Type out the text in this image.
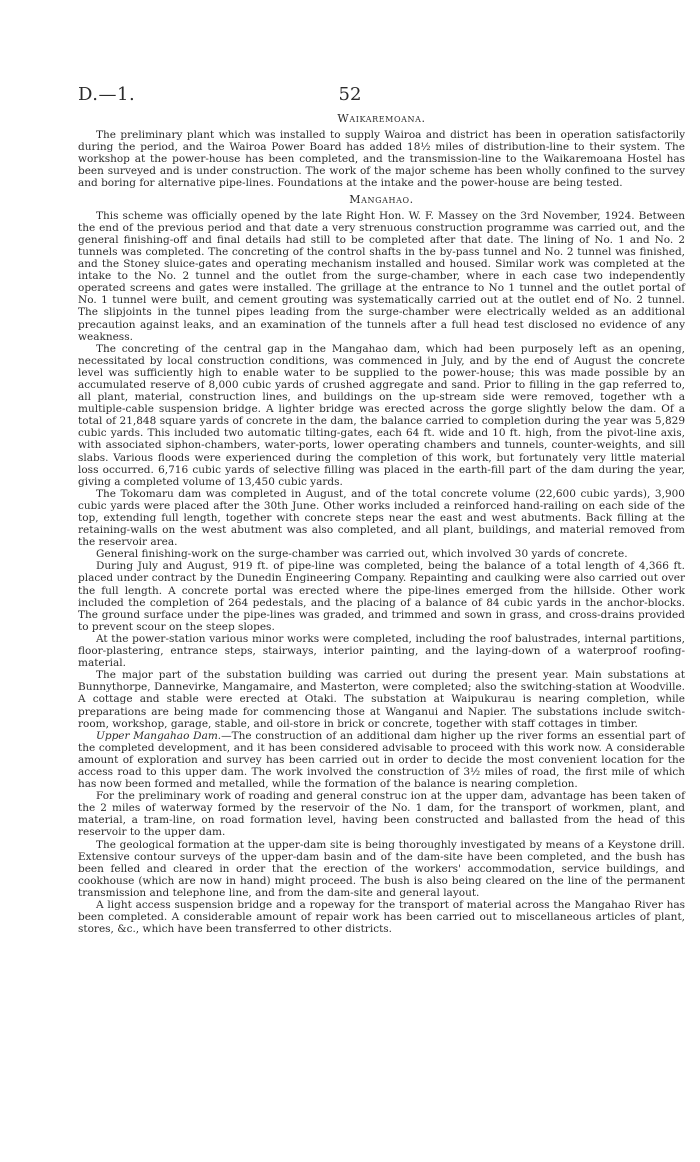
D.—1.	52
Waikaremoana.

The preliminary plant which was installed to supply Wairoa and district has been in operation satisfactorily during the period, and the Wairoa Power Board has added 18½ miles of distribution-line to their system. The workshop at the power-house has been completed, and the transmission-line to the Waikaremoana Hostel has been surveyed and is under construction. The work of the major scheme has been wholly confined to the survey and boring for alternative pipe-lines. Foundations at the intake and the power-house are being tested.

Mangahao.

This scheme was officially opened by the late Right Hon. W. F. Massey on the 3rd November, 1924. Between the end of the previous period and that date a very strenuous construction programme was carried out, and the general finishing-off and final details had still to be completed after that date. The lining of No. 1 and No. 2 tunnels was completed. The concreting of the control shafts in the by-pass tunnel and No. 2 tunnel was finished, and the Stoney sluice-gates and operating mechanism installed and housed. Similar work was completed at the intake to the No. 2 tunnel and the outlet from the surge-chamber, where in each case two independently operated screens and gates were installed. The grillage at the entrance to No 1 tunnel and the outlet portal of No. 1 tunnel were built, and cement grouting was systematically carried out at the outlet end of No. 2 tunnel. The slipjoints in the tunnel pipes leading from the surge-chamber were electrically welded as an additional precaution against leaks, and an examination of the tunnels after a full head test disclosed no evidence of any weakness.

The concreting of the central gap in the Mangahao dam, which had been purposely left as an opening, necessitated by local construction conditions, was commenced in July, and by the end of August the concrete level was sufficiently high to enable water to be supplied to the power-house; this was made possible by an accumulated reserve of 8,000 cubic yards of crushed aggregate and sand. Prior to filling in the gap referred to, all plant, material, construction lines, and buildings on the up-stream side were removed, together wth a multiple-cable suspension bridge. A lighter bridge was erected across the gorge slightly below the dam. Of a total of 21,848 square yards of concrete in the dam, the balance carried to completion during the year was 5,829 cubic yards. This included two automatic tilting-gates, each 64 ft. wide and 10 ft. high, from the pivot-line axis, with associated siphon-chambers, water-ports, lower operating chambers and tunnels, counter-weights, and sill slabs. Various floods were experienced during the completion of this work, but fortunately very little material loss occurred. 6,716 cubic yards of selective filling was placed in the earth-fill part of the dam during the year, giving a completed volume of 13,450 cubic yards.

The Tokomaru dam was completed in August, and of the total concrete volume (22,600 cubic yards), 3,900 cubic yards were placed after the 30th June. Other works included a reinforced hand-railing on each side of the top, extending full length, together with concrete steps near the east and west abutments. Back filling at the retaining-walls on the west abutment was also completed, and all plant, buildings, and material removed from the reservoir area.

General finishing-work on the surge-chamber was carried out, which involved 30 yards of concrete.

During July and August, 919 ft. of pipe-line was completed, being the balance of a total length of 4,366 ft. placed under contract by the Dunedin Engineering Company. Repainting and caulking were also carried out over the full length. A concrete portal was erected where the pipe-lines emerged from the hillside. Other work included the completion of 264 pedestals, and the placing of a balance of 84 cubic yards in the anchor-blocks. The ground surface under the pipe-lines was graded, and trimmed and sown in grass, and cross-drains provided to prevent scour on the steep slopes.

At the power-station various minor works were completed, including the roof balustrades, internal partitions, floor-plastering, entrance steps, stairways, interior painting, and the laying-down of a waterproof roofing-material.

The major part of the substation building was carried out during the present year. Main substations at Bunnythorpe, Dannevirke, Mangamaire, and Masterton, were completed; also the switching-station at Woodville. A cottage and stable were erected at Otaki. The substation at Waipukurau is nearing completion, while preparations are being made for commencing those at Wanganui and Napier. The substations include switch-room, workshop, garage, stable, and oil-store in brick or concrete, together with staff cottages in timber.

Upper Mangahao Dam.—The construction of an additional dam higher up the river forms an essential part of the completed development, and it has been considered advisable to proceed with this work now. A considerable amount of exploration and survey has been carried out in order to decide the most convenient location for the access road to this upper dam. The work involved the construction of 3½ miles of road, the first mile of which has now been formed and metalled, while the formation of the balance is nearing completion.

For the preliminary work of roading and general construc ion at the upper dam, advantage has been taken of the 2 miles of waterway formed by the reservoir of the No. 1 dam, for the transport of workmen, plant, and material, a tram-line, on road formation level, having been constructed and ballasted from the head of this reservoir to the upper dam.

The geological formation at the upper-dam site is being thoroughly investigated by means of a Keystone drill. Extensive contour surveys of the upper-dam basin and of the dam-site have been completed, and the bush has been felled and cleared in order that the erection of the workers' accommodation, service buildings, and cookhouse (which are now in hand) might proceed. The bush is also being cleared on the line of the permanent transmission and telephone line, and from the dam-site and general layout.

A light access suspension bridge and a ropeway for the transport of material across the Mangahao River has been completed. A considerable amount of repair work has been carried out to miscellaneous articles of plant, stores, &c., which have been transferred to other districts.
